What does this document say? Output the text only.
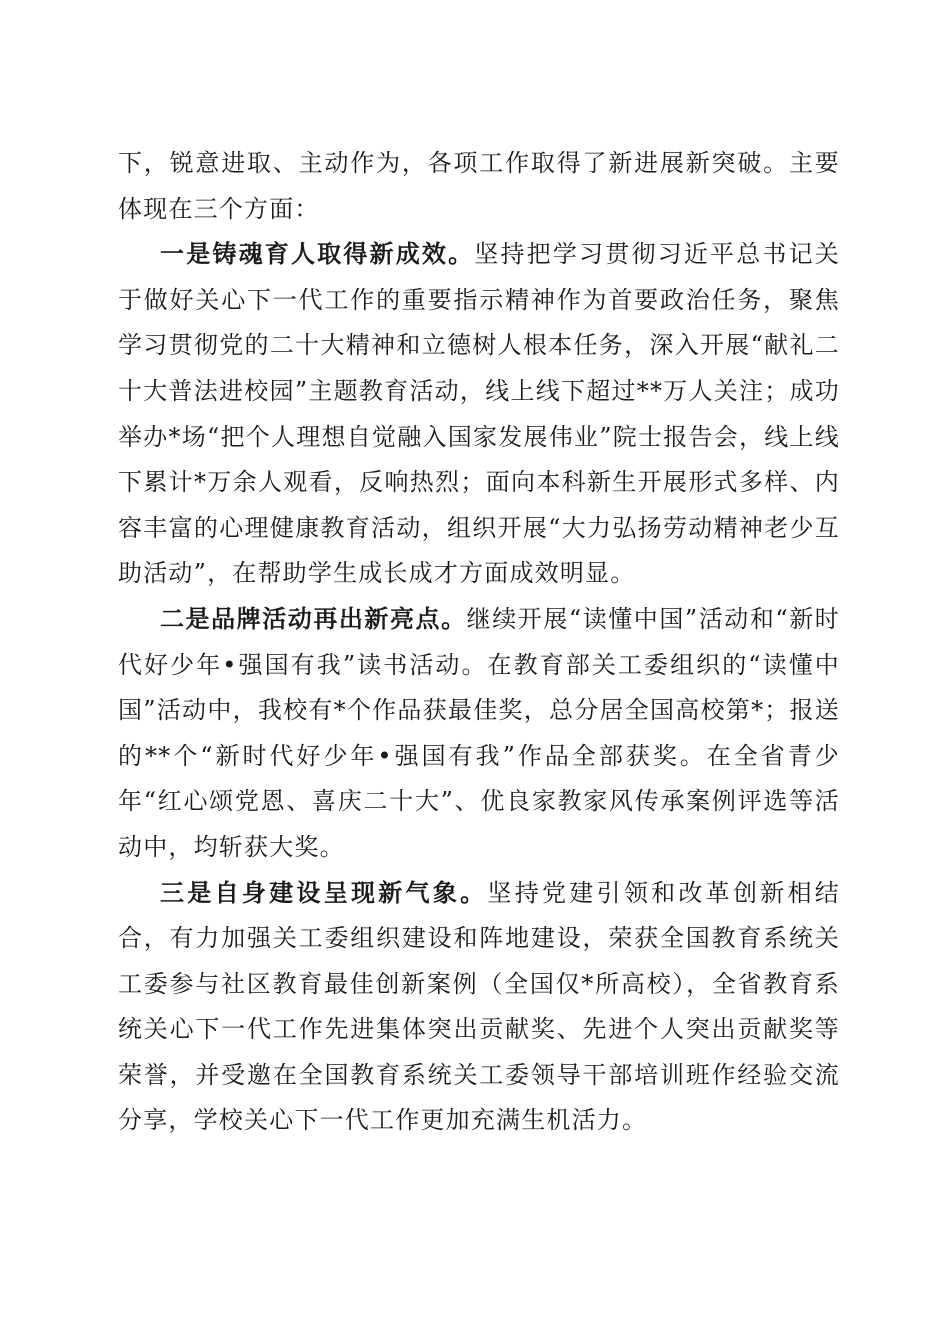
下，锐意进取、主动作为，各项工作取得了新进展新突破。主要体现在三个方面：

一是铸魂育人取得新成效。坚持把学习贯彻习近平总书记关于做好关心下一代工作的重要指示精神作为首要政治任务，聚焦学习贯彻党的二十大精神和立德树人根本任务，深入开展“献礼二十大普法进校园”主题教育活动，线上线下超过**万人关注；成功举办*场“把个人理想自觉融入国家发展伟业”院士报告会，线上线下累计*万余人观看，反响热烈；面向本科新生开展形式多样、内容丰富的心理健康教育活动，组织开展“大力弘扬劳动精神老少互助活动”，在帮助学生成长成才方面成效明显。

二是品牌活动再出新亮点。继续开展“读懂中国”活动和“新时代好少年•强国有我”读书活动。在教育部关工委组织的“读懂中国”活动中，我校有*个作品获最佳奖，总分居全国高校第*；报送的**个“新时代好少年•强国有我”作品全部获奖。在全省青少年“红心颂党恩、喜庆二十大”、优良家教家风传承案例评选等活动中，均斩获大奖。

三是自身建设呈现新气象。坚持党建引领和改革创新相结合，有力加强关工委组织建设和阵地建设，荣获全国教育系统关工委参与社区教育最佳创新案例（全国仅*所高校），全省教育系统关心下一代工作先进集体突出贡献奖、先进个人突出贡献奖等荣誉，并受邀在全国教育系统关工委领导干部培训班作经验交流分享，学校关心下一代工作更加充满生机活力。
